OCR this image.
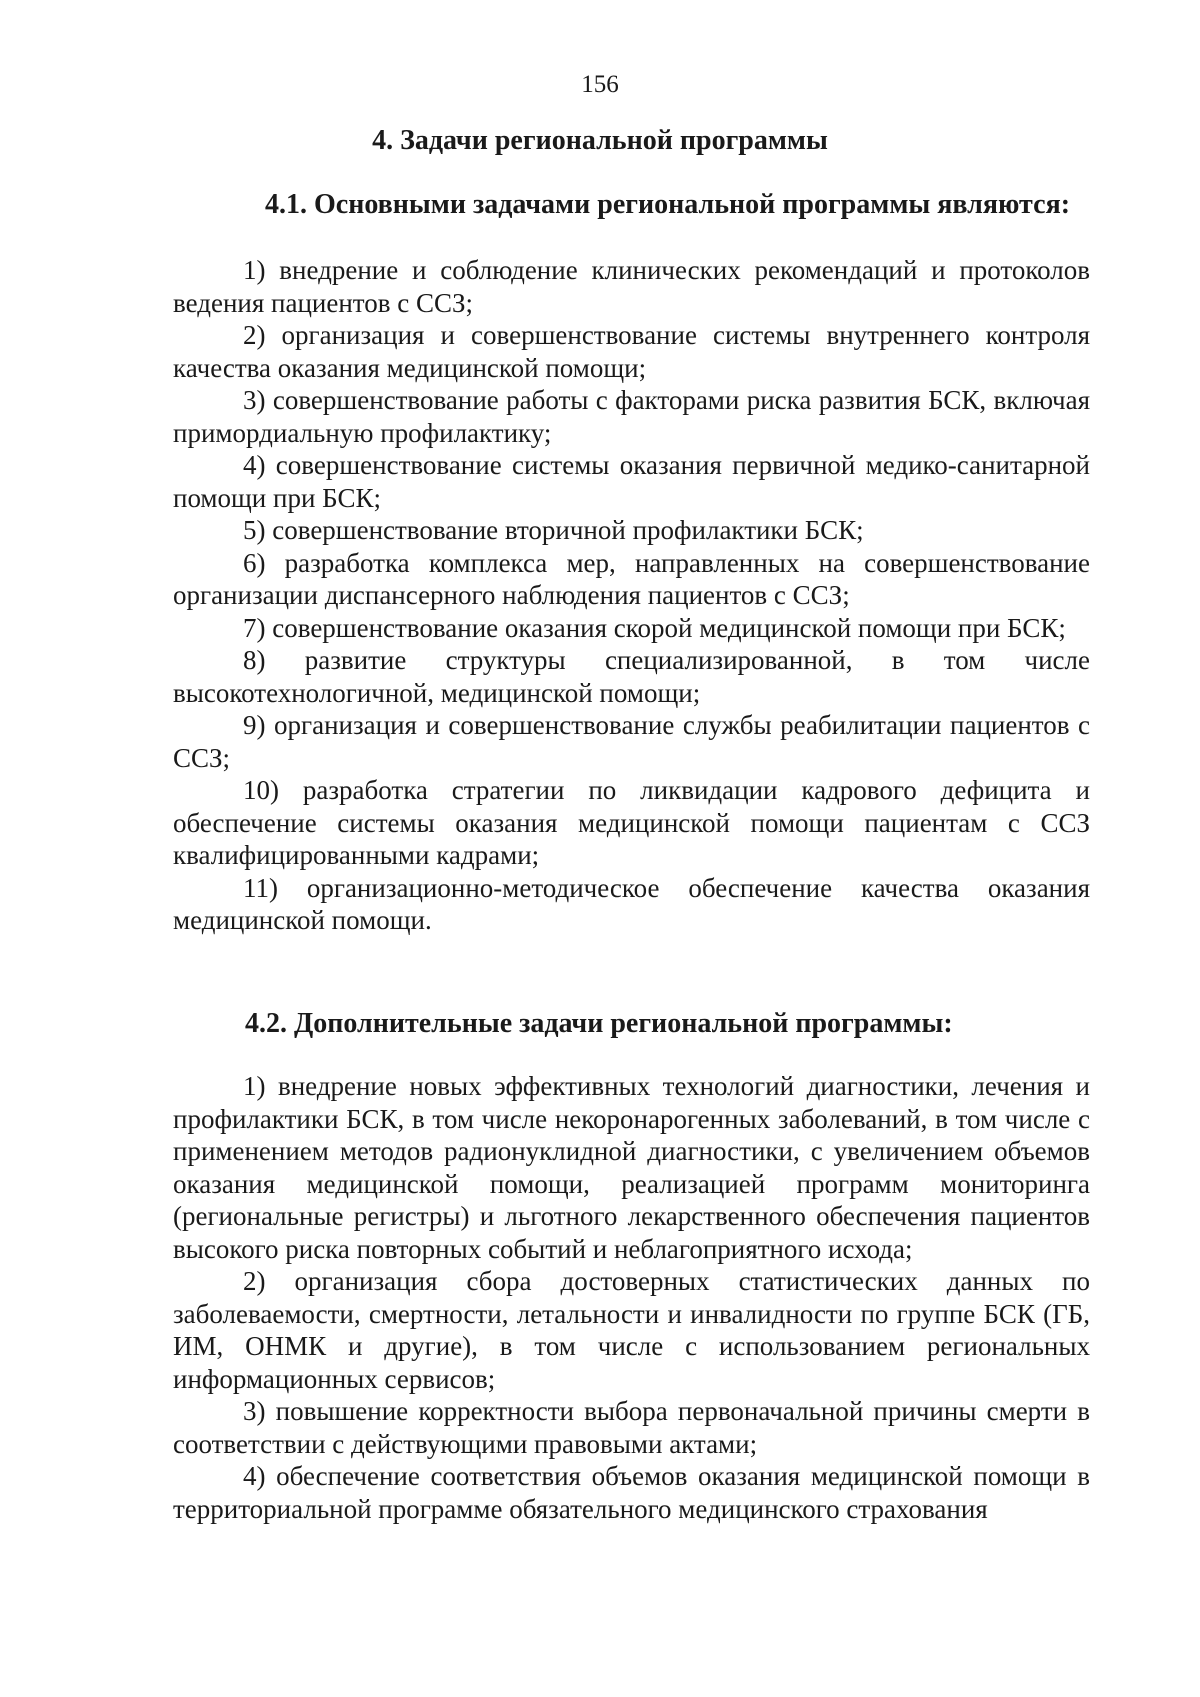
156
4. Задачи региональной программы
4.1. Основными задачами региональной программы являются:
1) внедрение и соблюдение клинических рекомендаций и протоколов ведения пациентов с ССЗ;
2) организация и совершенствование системы внутреннего контроля качества оказания медицинской помощи;
3) совершенствование работы с факторами риска развития БСК, включая примордиальную профилактику;
4) совершенствование системы оказания первичной медико-санитарной помощи при БСК;
5) совершенствование вторичной профилактики БСК;
6) разработка комплекса мер, направленных на совершенствование организации диспансерного наблюдения пациентов с ССЗ;
7) совершенствование оказания скорой медицинской помощи при БСК;
8) развитие структуры специализированной, в том числе высокотехнологичной, медицинской помощи;
9) организация и совершенствование службы реабилитации пациентов с ССЗ;
10) разработка стратегии по ликвидации кадрового дефицита и обеспечение системы оказания медицинской помощи пациентам с ССЗ квалифицированными кадрами;
11) организационно-методическое обеспечение качества оказания медицинской помощи.
4.2. Дополнительные задачи региональной программы:
1) внедрение новых эффективных технологий диагностики, лечения и профилактики БСК, в том числе некоронарогенных заболеваний, в том числе с применением методов радионуклидной диагностики, с увеличением объемов оказания медицинской помощи, реализацией программ мониторинга (региональные регистры) и льготного лекарственного обеспечения пациентов высокого риска повторных событий и неблагоприятного исхода;
2) организация сбора достоверных статистических данных по заболеваемости, смертности, летальности и инвалидности по группе БСК (ГБ, ИМ, ОНМК и другие), в том числе с использованием региональных информационных сервисов;
3) повышение корректности выбора первоначальной причины смерти в соответствии с действующими правовыми актами;
4) обеспечение соответствия объемов оказания медицинской помощи в территориальной программе обязательного медицинского страхования
